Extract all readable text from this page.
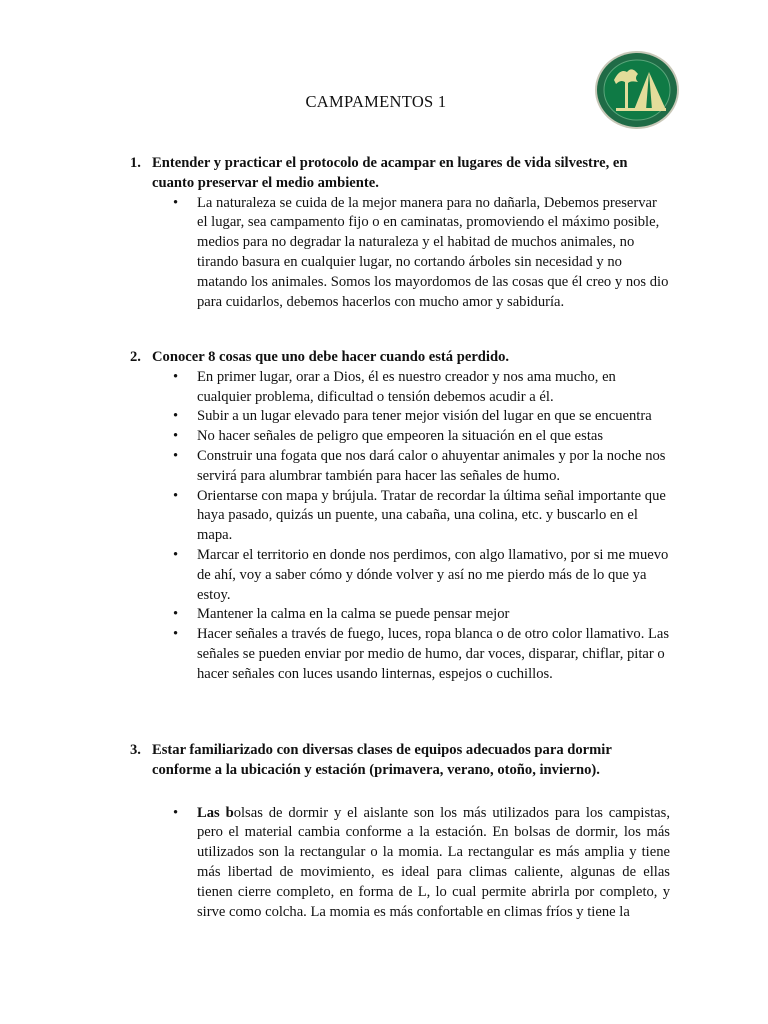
CAMPAMENTOS 1
1. Entender y practicar el protocolo de acampar en lugares de vida silvestre, en cuanto preservar el medio ambiente.
• La naturaleza se cuida de la mejor manera para no dañarla, Debemos preservar el lugar, sea campamento fijo o en caminatas, promoviendo el máximo posible, medios para no degradar la naturaleza y el habitad de muchos animales, no tirando basura en cualquier lugar, no cortando árboles sin necesidad y no matando los animales. Somos los mayordomos de las cosas que él creo y nos dio para cuidarlos, debemos hacerlos con mucho amor y sabiduría.
2. Conocer 8 cosas que uno debe hacer cuando está perdido.
• En primer lugar, orar a Dios, él es nuestro creador y nos ama mucho, en cualquier problema, dificultad o tensión debemos acudir a él.
• Subir a un lugar elevado para tener mejor visión del lugar en que se encuentra
• No hacer señales de peligro que empeoren la situación en el que estas
• Construir una fogata que nos dará calor o ahuyentar animales y por la noche nos servirá para alumbrar también para hacer las señales de humo.
• Orientarse con mapa y brújula. Tratar de recordar la última señal importante que haya pasado, quizás un puente, una cabaña, una colina, etc. y buscarlo en el mapa.
• Marcar el territorio en donde nos perdimos, con algo llamativo, por si me muevo de ahí, voy a saber cómo y dónde volver y así no me pierdo más de lo que ya estoy.
• Mantener la calma en la calma se puede pensar mejor
• Hacer señales a través de fuego, luces, ropa blanca o de otro color llamativo. Las señales se pueden enviar por medio de humo, dar voces, disparar, chiflar, pitar o hacer señales con luces usando linternas, espejos o cuchillos.
3. Estar familiarizado con diversas clases de equipos adecuados para dormir conforme a la ubicación y estación (primavera, verano, otoño, invierno).
• Las bolsas de dormir y el aislante son los más utilizados para los campistas, pero el material cambia conforme a la estación. En bolsas de dormir, los más utilizados son la rectangular o la momia. La rectangular es más amplia y tiene más libertad de movimiento, es ideal para climas caliente, algunas de ellas tienen cierre completo, en forma de L, lo cual permite abrirla por completo, y sirve como colcha. La momia es más confortable en climas fríos y tiene la
